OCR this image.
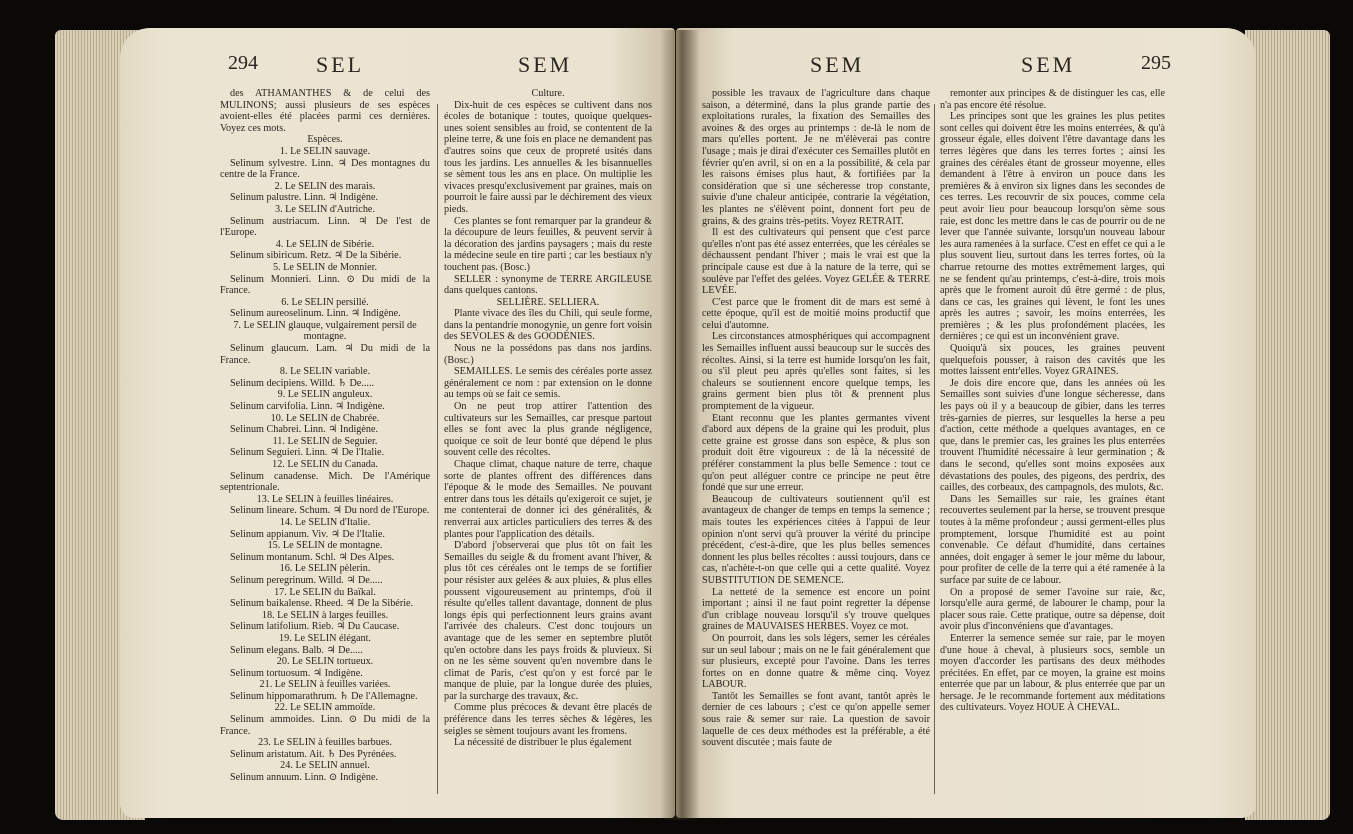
294	SEL	SEM

des ATHAMANTHES & de celui des MULINONS; aussi plusieurs de ses espèces avoient-elles été placées parmi ces dernières. Voyez ces mots.

Espèces.

1. Le SELIN sauvage.

Selinum sylvestre. Linn. ♃ Des montagnes du centre de la France.

2. Le SELIN des marais.

Selinum palustre. Linn. ♃ Indigène.

3. Le SELIN d'Autriche.

Selinum austriacum. Linn. ♃ De l'est de l'Europe.

4. Le SELIN de Sibérie.

Selinum sibiricum. Retz. ♃ De la Sibérie.

5. Le SELIN de Monnier.

Selinum Monnieri. Linn. ⊙ Du midi de la France.

6. Le SELIN persillé.

Selinum aureoselinum. Linn. ♃ Indigène.

7. Le SELIN glauque, vulgairement persil de montagne.

Selinum glaucum. Lam. ♃ Du midi de la France.

8. Le SELIN variable.

Selinum decipiens. Willd. ♄ De.....

9. Le SELIN anguleux.

Selinum carvifolia. Linn. ♃ Indigène.

10. Le SELIN de Chabrée.

Selinum Chabrei. Linn. ♃ Indigène.

11. Le SELIN de Seguier.

Selinum Seguieri. Linn. ♃ De l'Italie.

12. Le SELIN du Canada.

Selinum canadense. Mich. De l'Amérique septentrionale.

13. Le SELIN à feuilles linéaires.

Selinum lineare. Schum. ♃ Du nord de l'Europe.

14. Le SELIN d'Italie.

Selinum appianum. Viv. ♃ De l'Italie.

15. Le SELIN de montagne.

Selinum montanum. Schl. ♃ Des Alpes.

16. Le SELIN pèlerin.

Selinum peregrinum. Willd. ♃ De.....

17. Le SELIN du Baïkal.

Selinum baikalense. Rheed. ♃ De la Sibérie.

18. Le SELIN à larges feuilles.

Selinum latifolium. Rieb. ♃ Du Caucase.

19. Le SELIN élégant.

Selinum elegans. Balb. ♃ De.....

20. Le SELIN tortueux.

Selinum tortuosum. ♃ Indigène.

21. Le SELIN à feuilles variées.

Selinum hippomarathrum. ♄ De l'Allemagne.

22. Le SELIN ammoïde.

Selinum ammoides. Linn. ⊙ Du midi de la France.

23. Le SELIN à feuilles barbues.

Selinum aristatum. Ait. ♄ Des Pyrénées.

24. Le SELIN annuel.

Selinum annuum. Linn. ⊙ Indigène.

Culture.

Dix-huit de ces espèces se cultivent dans nos écoles de botanique : toutes, quoique quelques-unes soient sensibles au froid, se contentent de la pleine terre, & une fois en place ne demandent pas d'autres soins que ceux de propreté usités dans tous les jardins. Les annuelles & les bisannuelles se sèment tous les ans en place. On multiplie les vivaces presqu'exclusivement par graines, mais on pourroit le faire aussi par le déchirement des vieux pieds.

Ces plantes se font remarquer par la grandeur & la découpure de leurs feuilles, & peuvent servir à la décoration des jardins paysagers ; mais du reste la médecine seule en tire parti ; car les bestiaux n'y touchent pas. (Bosc.)

SELLER : synonyme de TERRE ARGILEUSE dans quelques cantons.

SELLIÈRE. SELLIERA.

Plante vivace des îles du Chili, qui seule forme, dans la pentandrie monogynie, un genre fort voisin des SEVOLES & des GOODÉNIES.

Nous ne la possédons pas dans nos jardins. (Bosc.)

SEMAILLES. Le semis des céréales porte assez généralement ce nom : par extension on le donne au temps où se fait ce semis.

On ne peut trop attirer l'attention des cultivateurs sur les Semailles, car presque partout elles se font avec la plus grande négligence, quoique ce soit de leur bonté que dépend le plus souvent celle des récoltes.

Chaque climat, chaque nature de terre, chaque sorte de plantes offrent des différences dans l'époque & le mode des Semailles. Ne pouvant entrer dans tous les détails qu'exigeroit ce sujet, je me contenterai de donner ici des généralités, & renverrai aux articles particuliers des terres & des plantes pour l'application des détails.

D'abord j'observerai que plus tôt on fait les Semailles du seigle & du froment avant l'hiver, & plus tôt ces céréales ont le temps de se fortifier pour résister aux gelées & aux pluies, & plus elles poussent vigoureusement au printemps, d'où il résulte qu'elles tallent davantage, donnent de plus longs épis qui perfectionnent leurs grains avant l'arrivée des chaleurs. C'est donc toujours un avantage que de les semer en septembre plutôt qu'en octobre dans les pays froids & pluvieux. Si on ne les sème souvent qu'en novembre dans le climat de Paris, c'est qu'on y est forcé par le manque de pluie, par la longue durée des pluies, par la surcharge des travaux, &c.

Comme plus précoces & devant être placés de préférence dans les terres sèches & légères, les seigles se sèment toujours avant les fromens.

La nécessité de distribuer le plus également

SEM	SEM	295

possible les travaux de l'agriculture dans chaque saison, a déterminé, dans la plus grande partie des exploitations rurales, la fixation des Semailles des avoines & des orges au printemps : de-là le nom de mars qu'elles portent. Je ne m'élèverai pas contre l'usage ; mais je dirai d'exécuter ces Semailles plutôt en février qu'en avril, si on en a la possibilité, & cela par les raisons émises plus haut, & fortifiées par la considération que si une sécheresse trop constante, suivie d'une chaleur anticipée, contrarie la végétation, les plantes ne s'élèvent point, donnent fort peu de grains, & des grains très-petits. Voyez RETRAIT.

Il est des cultivateurs qui pensent que c'est parce qu'elles n'ont pas été assez enterrées, que les céréales se déchaussent pendant l'hiver ; mais le vrai est que la principale cause est due à la nature de la terre, qui se soulève par l'effet des gelées. Voyez GELÉE & TERRE LEVÉE.

C'est parce que le froment dit de mars est semé à cette époque, qu'il est de moitié moins productif que celui d'automne.

Les circonstances atmosphériques qui accompagnent les Semailles influent aussi beaucoup sur le succès des récoltes. Ainsi, si la terre est humide lorsqu'on les fait, ou s'il pleut peu après qu'elles sont faites, si les chaleurs se soutiennent encore quelque temps, les grains germent bien plus tôt & prennent plus promptement de la vigueur.

Etant reconnu que les plantes germantes vivent d'abord aux dépens de la graine qui les produit, plus cette graine est grosse dans son espèce, & plus son produit doit être vigoureux : de là la nécessité de préférer constamment la plus belle Semence : tout ce qu'on peut alléguer contre ce principe ne peut être fondé que sur une erreur.

Beaucoup de cultivateurs soutiennent qu'il est avantageux de changer de temps en temps la semence ; mais toutes les expériences citées à l'appui de leur opinion n'ont servi qu'à prouver la vérité du principe précédent, c'est-à-dire, que les plus belles semences donnent les plus belles récoltes : aussi toujours, dans ce cas, n'achète-t-on que celle qui a cette qualité. Voyez SUBSTITUTION DE SEMENCE.

La netteté de la semence est encore un point important ; ainsi il ne faut point regretter la dépense d'un criblage nouveau lorsqu'il s'y trouve quelques graines de MAUVAISES HERBES. Voyez ce mot.

On pourroit, dans les sols légers, semer les céréales sur un seul labour ; mais on ne le fait généralement que sur plusieurs, excepté pour l'avoine. Dans les terres fortes on en donne quatre & même cinq. Voyez LABOUR.

Tantôt les Semailles se font avant, tantôt après le dernier de ces labours ; c'est ce qu'on appelle semer sous raie & semer sur raie. La question de savoir laquelle de ces deux méthodes est la préférable, a été souvent discutée ; mais faute de

remonter aux principes & de distinguer les cas, elle n'a pas encore été résolue.

Les principes sont que les graines les plus petites sont celles qui doivent être les moins enterrées, & qu'à grosseur égale, elles doivent l'être davantage dans les terres légères que dans les terres fortes ; ainsi les graines des céréales étant de grosseur moyenne, elles demandent à l'être à environ un pouce dans les premières & à environ six lignes dans les secondes de ces terres. Les recouvrir de six pouces, comme cela peut avoir lieu pour beaucoup lorsqu'on sème sous raie, est donc les mettre dans le cas de pourrir ou de ne lever que l'année suivante, lorsqu'un nouveau labour les aura ramenées à la surface. C'est en effet ce qui a le plus souvent lieu, surtout dans les terres fortes, où la charrue retourne des mottes extrêmement larges, qui ne se fendent qu'au printemps, c'est-à-dire, trois mois après que le froment auroit dû être germé : de plus, dans ce cas, les graines qui lèvent, le font les unes après les autres ; savoir, les moins enterrées, les premières ; & les plus profondément placées, les dernières ; ce qui est un inconvénient grave.

Quoiqu'à six pouces, les graines peuvent quelquefois pousser, à raison des cavités que les mottes laissent entr'elles. Voyez GRAINES.

Je dois dire encore que, dans les années où les Semailles sont suivies d'une longue sécheresse, dans les pays où il y a beaucoup de gibier, dans les terres très-garnies de pierres, sur lesquelles la herse a peu d'action, cette méthode a quelques avantages, en ce que, dans le premier cas, les graines les plus enterrées trouvent l'humidité nécessaire à leur germination ; & dans le second, qu'elles sont moins exposées aux dévastations des poules, des pigeons, des perdrix, des cailles, des corbeaux, des campagnols, des mulots, &c.

Dans les Semailles sur raie, les graines étant recouvertes seulement par la herse, se trouvent presque toutes à la même profondeur ; aussi germent-elles plus promptement, lorsque l'humidité est au point convenable. Ce défaut d'humidité, dans certaines années, doit engager à semer le jour même du labour, pour profiter de celle de la terre qui a été ramenée à la surface par suite de ce labour.

On a proposé de semer l'avoine sur raie, &c, lorsqu'elle aura germé, de labourer le champ, pour la placer sous raie. Cette pratique, outre sa dépense, doit avoir plus d'inconvéniens que d'avantages.

Enterrer la semence semée sur raie, par le moyen d'une houe à cheval, à plusieurs socs, semble un moyen d'accorder les partisans des deux méthodes précitées. En effet, par ce moyen, la graine est moins enterrée que par un labour, & plus enterrée que par un hersage. Je le recommande fortement aux méditations des cultivateurs. Voyez HOUE À CHEVAL.
